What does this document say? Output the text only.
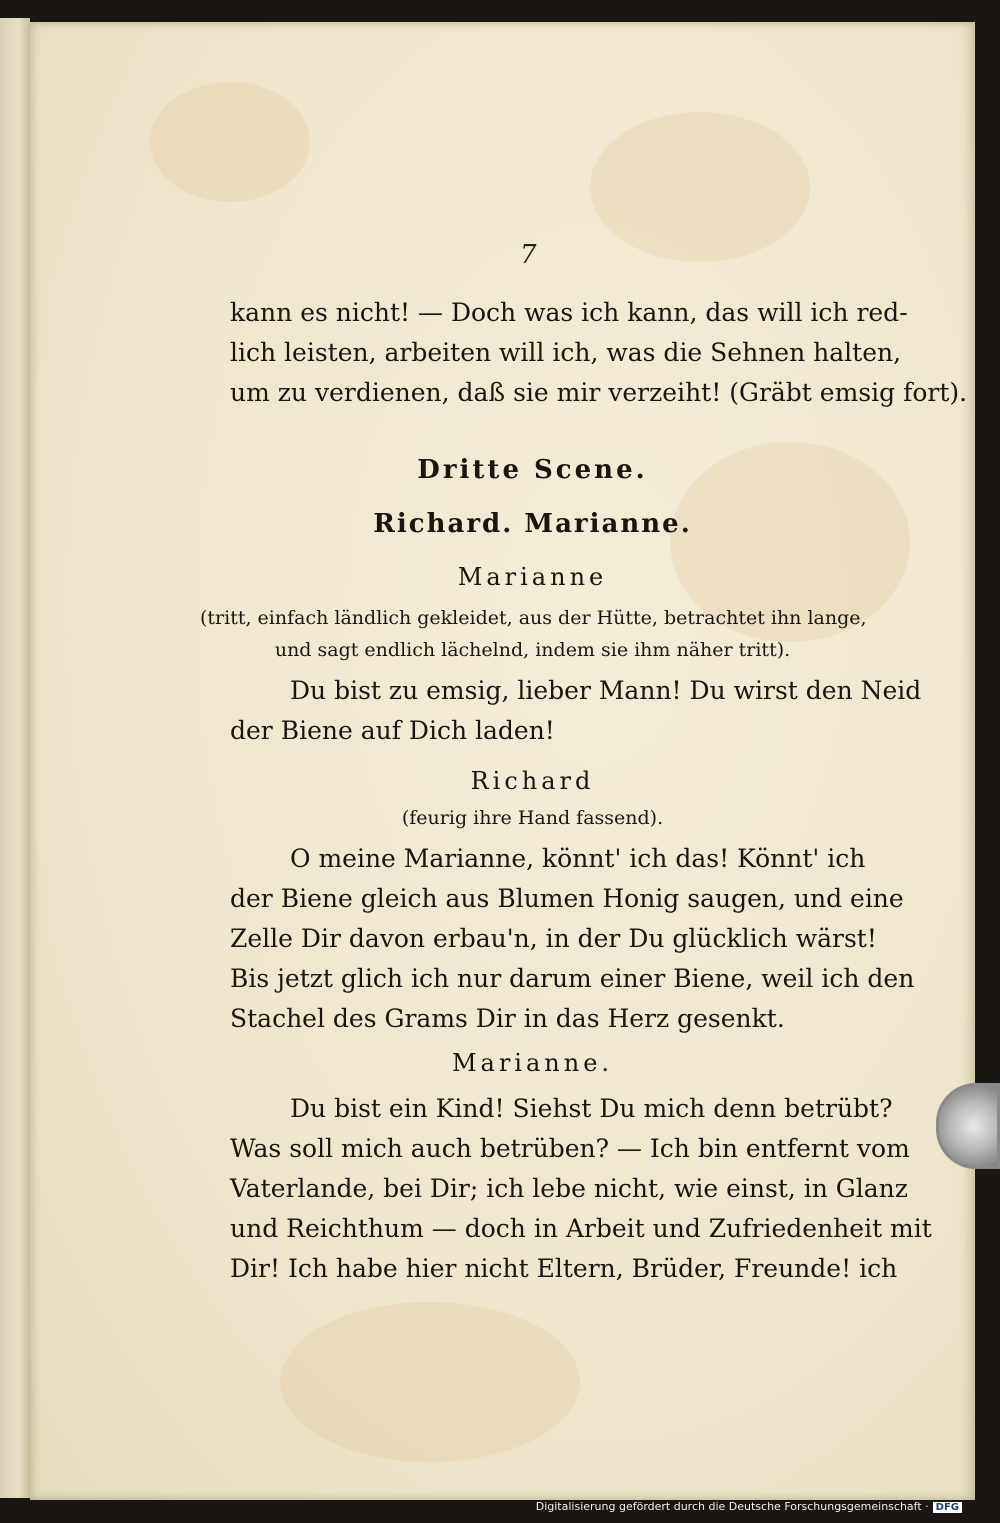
7
kann es nicht! — Doch was ich kann, das will ich red-
lich leisten, arbeiten will ich, was die Sehnen halten,
um zu verdienen, daß sie mir verzeiht! (Gräbt emsig fort).
Dritte Scene.
Richard. Marianne.
Marianne
(tritt, einfach ländlich gekleidet, aus der Hütte, betrachtet ihn lange,
und sagt endlich lächelnd, indem sie ihm näher tritt).
Du bist zu emsig, lieber Mann! Du wirst den Neid
der Biene auf Dich laden!
Richard
(feurig ihre Hand fassend).
O meine Marianne, könnt' ich das! Könnt' ich
der Biene gleich aus Blumen Honig saugen, und eine
Zelle Dir davon erbau'n, in der Du glücklich wärst!
Bis jetzt glich ich nur darum einer Biene, weil ich den
Stachel des Grams Dir in das Herz gesenkt.
Marianne.
Du bist ein Kind! Siehst Du mich denn betrübt?
Was soll mich auch betrüben? — Ich bin entfernt vom
Vaterlande, bei Dir; ich lebe nicht, wie einst, in Glanz
und Reichthum — doch in Arbeit und Zufriedenheit mit
Dir! Ich habe hier nicht Eltern, Brüder, Freunde! ich
Digitalisierung gefördert durch die Deutsche Forschungsgemeinschaft · DFG
